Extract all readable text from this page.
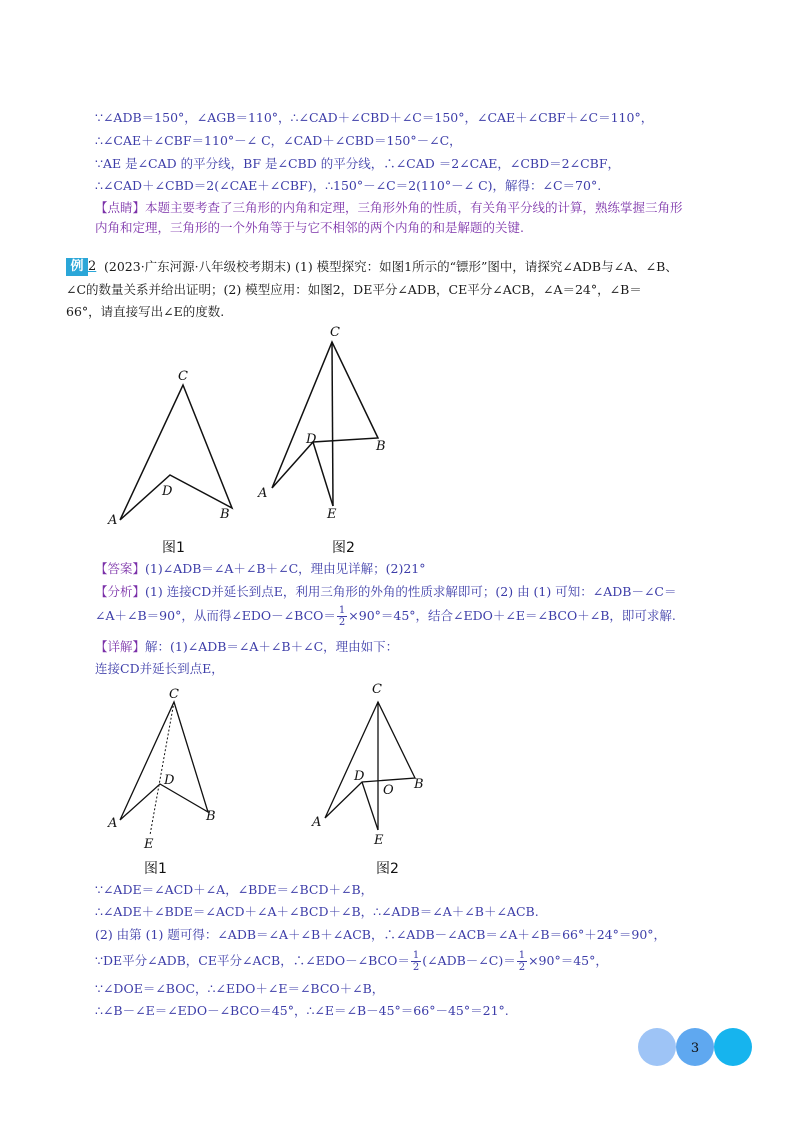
∵∠ADB＝150°，∠AGB＝110°，∴∠CAD＋∠CBD＋∠C＝150°，∠CAE＋∠CBF＋∠C＝110°，
∴∠CAE＋∠CBF＝110°－∠ C，∠CAD＋∠CBD＝150°－∠C，
∵AE 是∠CAD 的平分线，BF 是∠CBD 的平分线，∴∠CAD ＝2∠CAE，∠CBD＝2∠CBF，
∴∠CAD＋∠CBD＝2(∠CAE＋∠CBF)，∴150°－∠C＝2(110°－∠ C)，解得：∠C＝70°.
【点睛】本题主要考查了三角形的内角和定理，三角形外角的性质，有关角平分线的计算，熟练掌握三角形
内角和定理，三角形的一个外角等于与它不相邻的两个内角的和是解题的关键.
例 2 (2023·广东河源·八年级校考期末) (1) 模型探究：如图1所示的“镖形”图中，请探究∠ADB与∠A、∠B、
∠C的数量关系并给出证明；(2) 模型应用：如图2，DE平分∠ADB，CE平分∠ACB，∠A＝24°，∠B＝
66°，请直接写出∠E的度数.
C
D
A	B
C
D	B
A
E
图1	图2
【答案】(1)∠ADB＝∠A＋∠B＋∠C，理由见详解；(2)21°
【分析】(1) 连接CD并延长到点E，利用三角形的外角的性质求解即可；(2) 由 (1) 可知：∠ADB－∠C＝
∠A＋∠B＝90°，从而得∠EDO－∠BCO＝ $\frac{1}{2} \times 90^\circ=45^\circ$，结合∠EDO＋∠E＝∠BCO＋∠B，即可求解.
【详解】解：(1)∠ADB＝∠A＋∠B＋∠C，理由如下：
连接CD并延长到点E，
C
D
A	B
E
C
D
O B
A
E
图1	图2
∵∠ADE＝∠ACD＋∠A，∠BDE＝∠BCD＋∠B，
∴∠ADE＋∠BDE＝∠ACD＋∠A＋∠BCD＋∠B，∴∠ADB＝∠A＋∠B＋∠ACB.
(2) 由第 (1) 题可得：∠ADB＝∠A＋∠B＋∠ACB，∴∠ADB－∠ACB＝∠A＋∠B＝66°＋24°＝90°，
∵DE平分∠ADB，CE平分∠ACB，∴∠EDO－∠BCO＝ $\frac{1}{2}$ (∠ADB－∠C)＝ $\frac{1}{2} \times 90^\circ=45^\circ$，
∵∠DOE＝∠BOC，∴∠EDO＋∠E＝∠BCO＋∠B，
∴∠B－∠E＝∠EDO－∠BCO＝45°，∴∠E＝∠B－45°＝66°－45°＝21°.
3
